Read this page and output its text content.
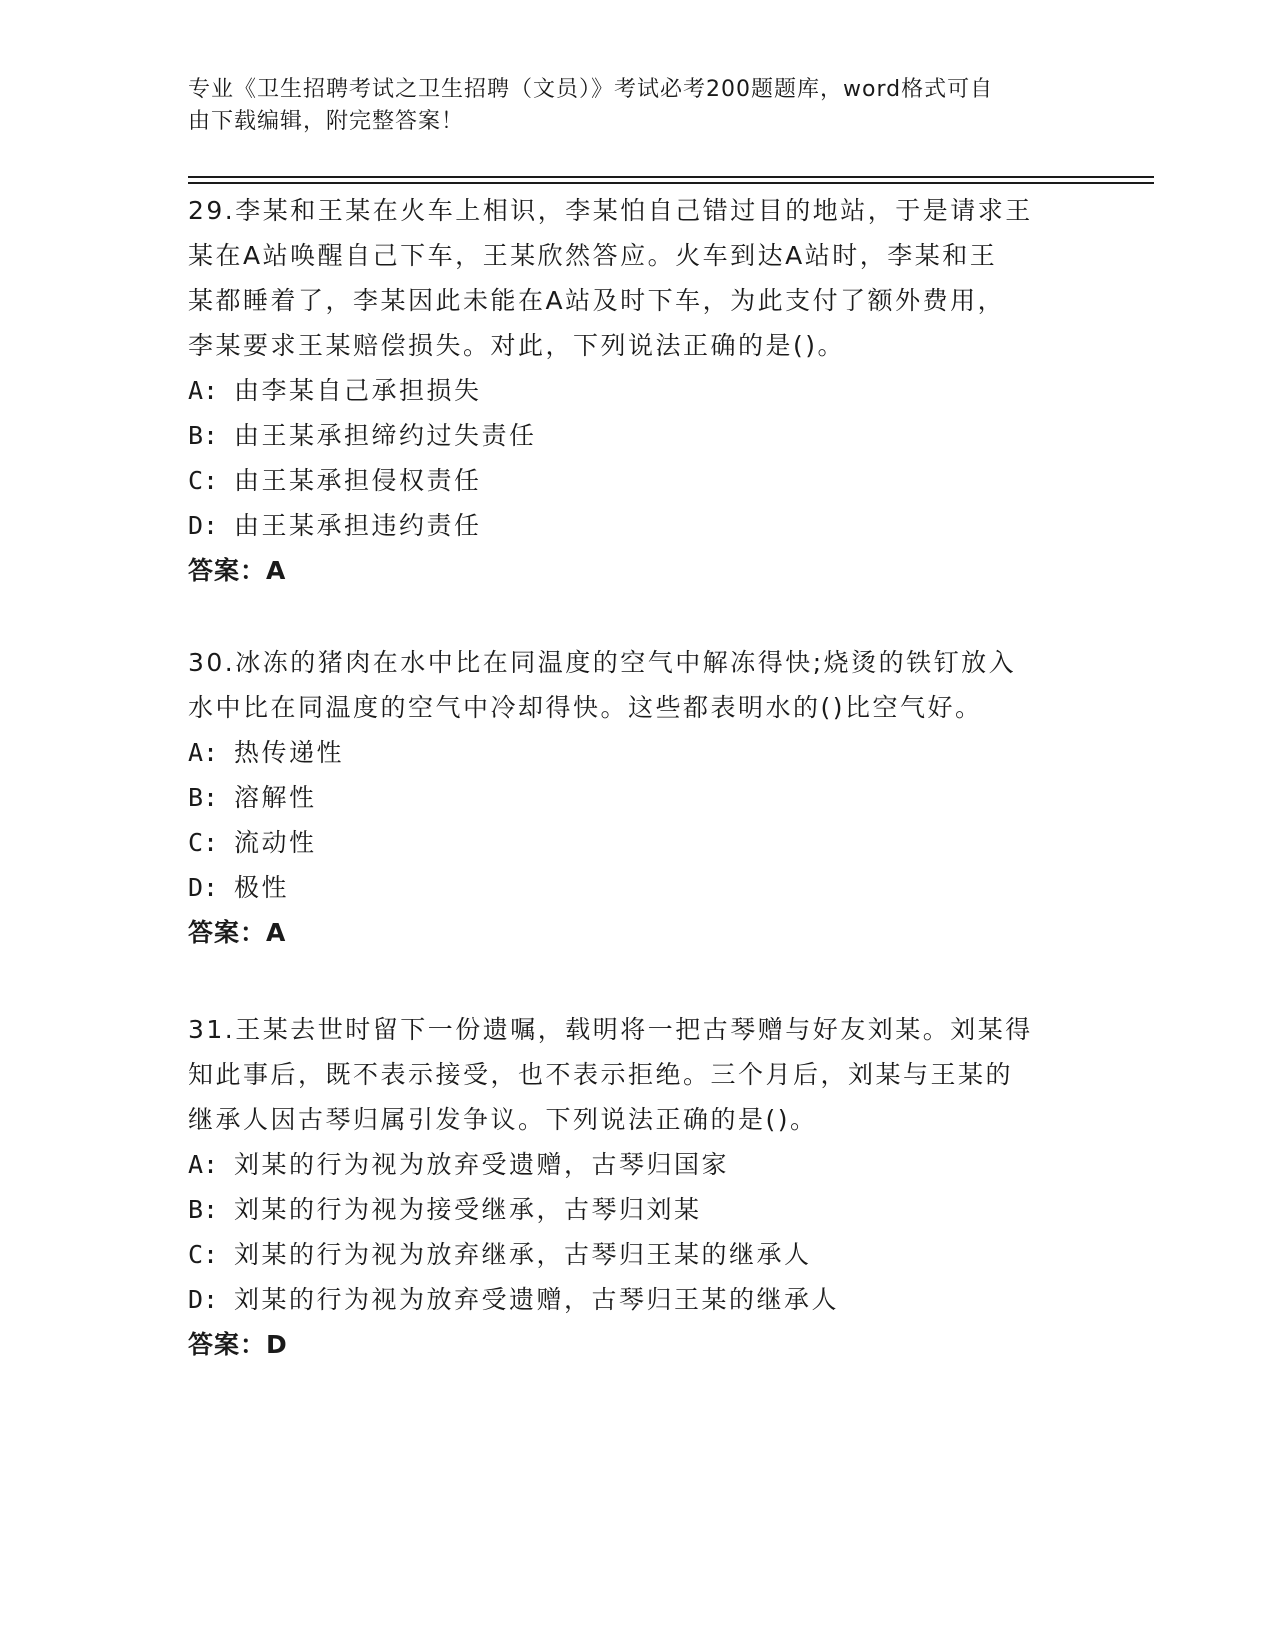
专业《卫生招聘考试之卫生招聘（文员）》考试必考200题题库，word格式可自
由下载编辑，附完整答案！
29.李某和王某在火车上相识，李某怕自己错过目的地站，于是请求王
某在A站唤醒自己下车，王某欣然答应。火车到达A站时，李某和王
某都睡着了，李某因此未能在A站及时下车，为此支付了额外费用，
李某要求王某赔偿损失。对此，下列说法正确的是()。
A: 由李某自己承担损失
B: 由王某承担缔约过失责任
C: 由王某承担侵权责任
D: 由王某承担违约责任
答案：A
30.冰冻的猪肉在水中比在同温度的空气中解冻得快;烧烫的铁钉放入
水中比在同温度的空气中冷却得快。这些都表明水的()比空气好。
A: 热传递性
B: 溶解性
C: 流动性
D: 极性
答案：A
31.王某去世时留下一份遗嘱，载明将一把古琴赠与好友刘某。刘某得
知此事后，既不表示接受，也不表示拒绝。三个月后，刘某与王某的
继承人因古琴归属引发争议。下列说法正确的是()。
A: 刘某的行为视为放弃受遗赠，古琴归国家
B: 刘某的行为视为接受继承，古琴归刘某
C: 刘某的行为视为放弃继承，古琴归王某的继承人
D: 刘某的行为视为放弃受遗赠，古琴归王某的继承人
答案：D
